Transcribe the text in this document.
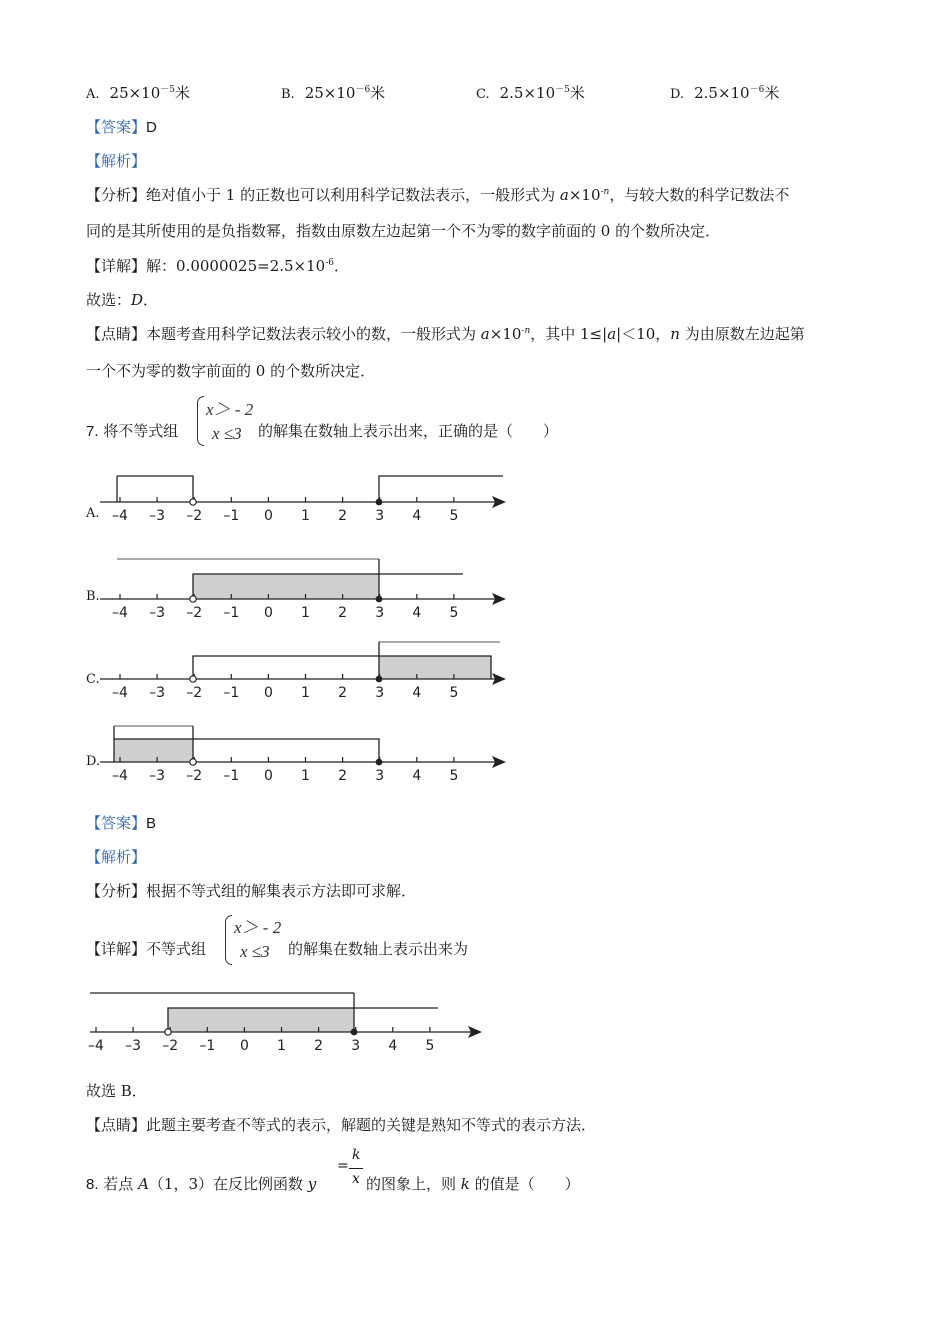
A. $25\times 10^{-5}$米	B. $25\times 10^{-6}$米	C. $2.5\times 10^{-5}$米	D. $2.5\times 10^{-6}$米
【答案】D
【解析】
【分析】绝对值小于 1 的正数也可以利用科学记数法表示，一般形式为 $a\times 10^{-n}$，与较大数的科学记数法不
同的是其所使用的是负指数幂，指数由原数左边起第一个不为零的数字前面的 0 的个数所决定．
【详解】解：$0.0000025=2.5\times 10^{-6}$．
故选：D．
【点睛】本题考查用科学记数法表示较小的数，一般形式为 $a\times 10^{-n}$，其中 1≤|a|＜10，n 为由原数左边起第
一个不为零的数字前面的 0 的个数所决定．
7. 将不等式组
x＞ - 2
x ≤3 的解集在数轴上表示出来，正确的是（　　）
A. –4 –3 –2 –1 0 1 2 3 4 5
B.
–4 –3 –2 –1 0 1 2 3 4 5
C.
–4 –3 –2 –1 0 1 2 3 4 5
D.
–4 –3 –2 –1 0 1 2 3 4 5
【答案】B
【解析】
【分析】根据不等式组的解集表示方法即可求解．
【详解】不等式组
x＞ - 2
x ≤3 的解集在数轴上表示出来为
–4 –3 –2 –1 0 1 2 3 4 5
故选 B．
【点睛】此题主要考查不等式的表示，解题的关键是熟知不等式的表示方法．
8. 若点 A（1，3）在反比例函数 y
=
k
x 的图象上，则 k 的值是（　　）
